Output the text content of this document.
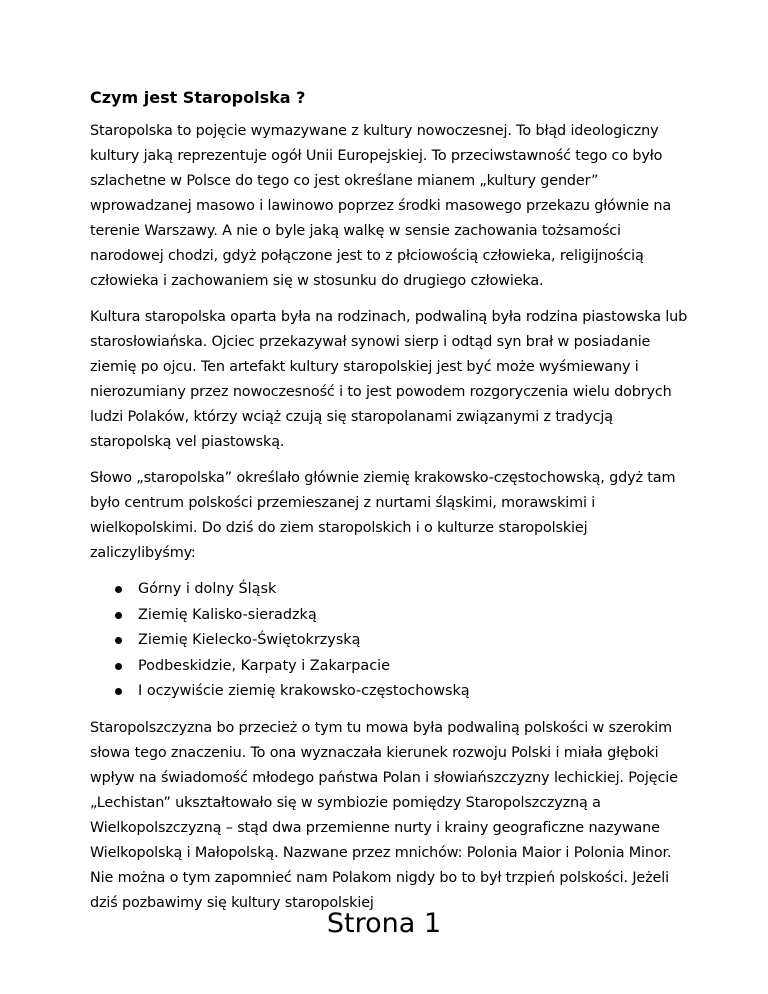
Czym jest Staropolska ?

Staropolska to pojęcie wymazywane z kultury nowoczesnej. To błąd ideologiczny kultury jaką reprezentuje ogół Unii Europejskiej. To przeciwstawność tego co było szlachetne w Polsce do tego co jest określane mianem „kultury gender” wprowadzanej masowo i lawinowo poprzez środki masowego przekazu głównie na terenie Warszawy. A nie o byle jaką walkę w sensie zachowania tożsamości narodowej chodzi, gdyż połączone jest to z płciowością człowieka, religijnością człowieka i zachowaniem się w stosunku do drugiego człowieka.

Kultura staropolska oparta była na rodzinach, podwaliną była rodzina piastowska lub starosłowiańska. Ojciec przekazywał synowi sierp i odtąd syn brał w posiadanie ziemię po ojcu. Ten artefakt kultury staropolskiej jest być może wyśmiewany i nierozumiany przez nowoczesność i to jest powodem rozgoryczenia wielu dobrych ludzi Polaków, którzy wciąż czują się staropolanami związanymi z tradycją staropolską vel piastowską.

Słowo „staropolska” określało głównie ziemię krakowsko-częstochowską, gdyż tam było centrum polskości przemieszanej z nurtami śląskimi, morawskimi i wielkopolskimi. Do dziś do ziem staropolskich i o kulturze staropolskiej zaliczylibyśmy:

Górny i dolny Śląsk
Ziemię Kalisko-sieradzką
Ziemię Kielecko-Świętokrzyską
Podbeskidzie, Karpaty i Zakarpacie
I oczywiście ziemię krakowsko-częstochowską

Staropolszczyzna bo przecież o tym tu mowa była podwaliną polskości w szerokim słowa tego znaczeniu. To ona wyznaczała kierunek rozwoju Polski i miała głęboki wpływ na świadomość młodego państwa Polan i słowiańszczyzny lechickiej. Pojęcie „Lechistan” ukształtowało się w symbiozie pomiędzy Staropolszczyzną a Wielkopolszczyzną – stąd dwa przemienne nurty i krainy geograficzne nazywane Wielkopolską i Małopolską. Nazwane przez mnichów: Polonia Maior i Polonia Minor. Nie można o tym zapomnieć nam Polakom nigdy bo to był trzpień polskości. Jeżeli dziś pozbawimy się kultury staropolskiej

Strona 1
